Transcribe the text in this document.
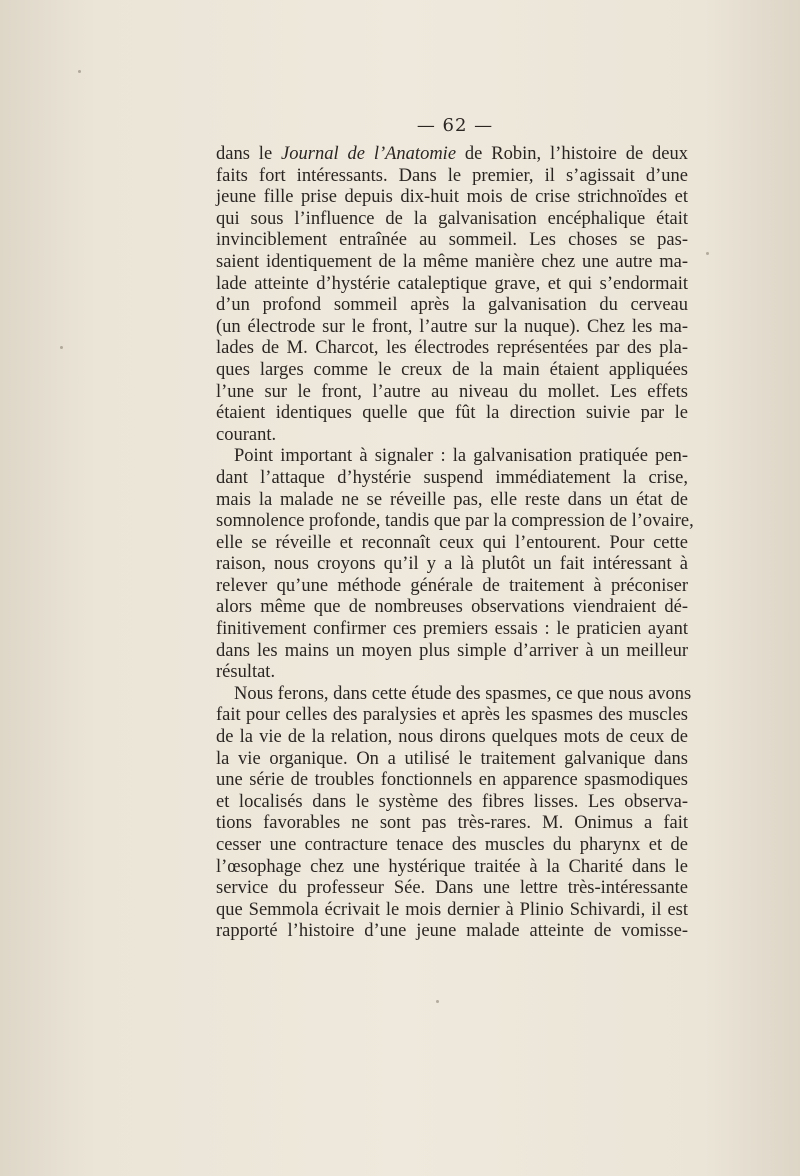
— 62 —
dans le Journal de l’Anatomie de Robin, l’histoire de deux
faits fort intéressants. Dans le premier, il s’agissait d’une
jeune fille prise depuis dix-huit mois de crise strichnoïdes et
qui sous l’influence de la galvanisation encéphalique était
invinciblement entraînée au sommeil. Les choses se pas-
saient identiquement de la même manière chez une autre ma-
lade atteinte d’hystérie cataleptique grave, et qui s’endormait
d’un profond sommeil après la galvanisation du cerveau
(un électrode sur le front, l’autre sur la nuque). Chez les ma-
lades de M. Charcot, les électrodes représentées par des pla-
ques larges comme le creux de la main étaient appliquées
l’une sur le front, l’autre au niveau du mollet. Les effets
étaient identiques quelle que fût la direction suivie par le
courant.
Point important à signaler : la galvanisation pratiquée pen-
dant l’attaque d’hystérie suspend immédiatement la crise,
mais la malade ne se réveille pas, elle reste dans un état de
somnolence profonde, tandis que par la compression de l’ovaire,
elle se réveille et reconnaît ceux qui l’entourent. Pour cette
raison, nous croyons qu’il y a là plutôt un fait intéressant à
relever qu’une méthode générale de traitement à préconiser
alors même que de nombreuses observations viendraient dé-
finitivement confirmer ces premiers essais : le praticien ayant
dans les mains un moyen plus simple d’arriver à un meilleur
résultat.
Nous ferons, dans cette étude des spasmes, ce que nous avons
fait pour celles des paralysies et après les spasmes des muscles
de la vie de la relation, nous dirons quelques mots de ceux de
la vie organique. On a utilisé le traitement galvanique dans
une série de troubles fonctionnels en apparence spasmodiques
et localisés dans le système des fibres lisses. Les observa-
tions favorables ne sont pas très-rares. M. Onimus a fait
cesser une contracture tenace des muscles du pharynx et de
l’œsophage chez une hystérique traitée à la Charité dans le
service du professeur Sée. Dans une lettre très-intéressante
que Semmola écrivait le mois dernier à Plinio Schivardi, il est
rapporté l’histoire d’une jeune malade atteinte de vomisse-
